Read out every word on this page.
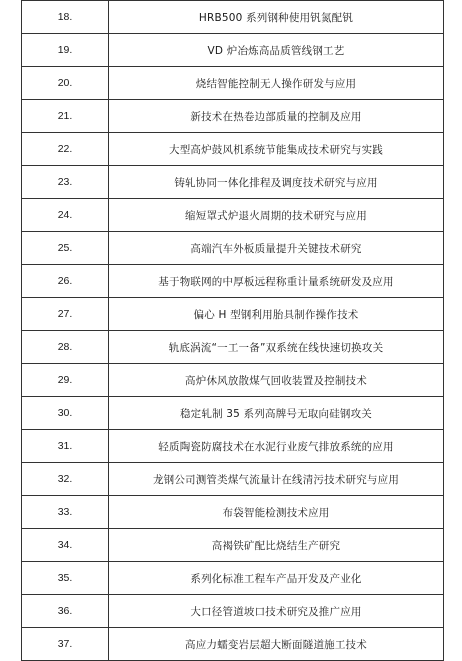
18.	HRB500 系列钢种使用钒氮配钒
19.	VD 炉冶炼高品质管线钢工艺
20.	烧结智能控制无人操作研发与应用
21.	新技术在热卷边部质量的控制及应用
22.	大型高炉鼓风机系统节能集成技术研究与实践
23.	铸轧协同一体化排程及调度技术研究与应用
24.	缩短罩式炉退火周期的技术研究与应用
25.	高端汽车外板质量提升关键技术研究
26.	基于物联网的中厚板远程称重计量系统研发及应用
27.	偏心 H 型钢利用胎具制作操作技术
28.	轨底涡流“一工一备”双系统在线快速切换攻关
29.	高炉休风放散煤气回收装置及控制技术
30.	稳定轧制 35 系列高牌号无取向硅钢攻关
31.	轻质陶瓷防腐技术在水泥行业废气排放系统的应用
32.	龙钢公司测管类煤气流量计在线清污技术研究与应用
33.	布袋智能检测技术应用
34.	高褐铁矿配比烧结生产研究
35.	系列化标准工程车产品开发及产业化
36.	大口径管道坡口技术研究及推广应用
37.	高应力蠕变岩层超大断面隧道施工技术
